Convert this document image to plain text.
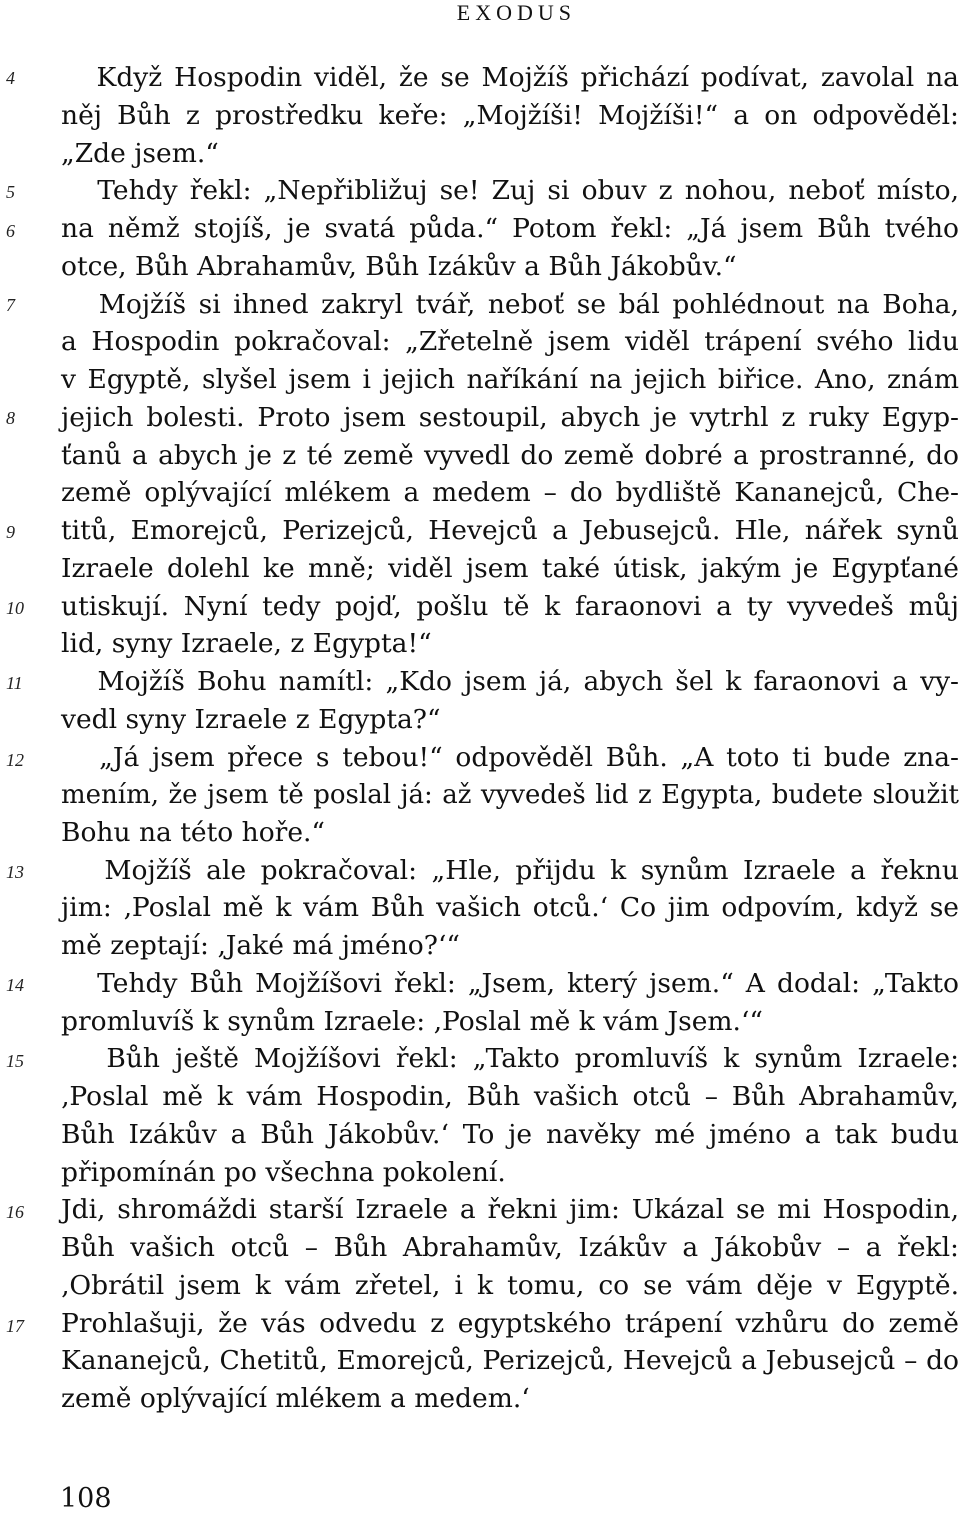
EXODUS
4
5
6
7
8
9
10
11
12
13
14
15
16
17
Když Hospodin viděl, že se Mojžíš přichází podívat, zavolal na
něj Bůh z prostředku keře: „Mojžíši! Mojžíši!“ a on odpověděl:
„Zde jsem.“
Tehdy řekl: „Nepřibližuj se! Zuj si obuv z nohou, neboť místo,
na němž stojíš, je svatá půda.“ Potom řekl: „Já jsem Bůh tvého
otce, Bůh Abrahamův, Bůh Izákův a Bůh Jákobův.“
Mojžíš si ihned zakryl tvář, neboť se bál pohlédnout na Boha,
a Hospodin pokračoval: „Zřetelně jsem viděl trápení svého lidu
v Egyptě, slyšel jsem i jejich naříkání na jejich biřice. Ano, znám
jejich bolesti. Proto jsem sestoupil, abych je vytrhl z ruky Egyp-
ťanů a abych je z té země vyvedl do země dobré a prostranné, do
země oplývající mlékem a medem – do bydliště Kananejců, Che-
titů, Emorejců, Perizejců, Hevejců a Jebusejců. Hle, nářek synů
Izraele dolehl ke mně; viděl jsem také útisk, jakým je Egypťané
utiskují. Nyní tedy pojď, pošlu tě k faraonovi a ty vyvedeš můj
lid, syny Izraele, z Egypta!“
Mojžíš Bohu namítl: „Kdo jsem já, abych šel k faraonovi a vy-
vedl syny Izraele z Egypta?“
„Já jsem přece s tebou!“ odpověděl Bůh. „A toto ti bude zna-
mením, že jsem tě poslal já: až vyvedeš lid z Egypta, budete sloužit
Bohu na této hoře.“
Mojžíš ale pokračoval: „Hle, přijdu k synům Izraele a řeknu
jim: ‚Poslal mě k vám Bůh vašich otců.‘ Co jim odpovím, když se
mě zeptají: ‚Jaké má jméno?‘“
Tehdy Bůh Mojžíšovi řekl: „Jsem, který jsem.“ A dodal: „Takto
promluvíš k synům Izraele: ‚Poslal mě k vám Jsem.‘“
Bůh ještě Mojžíšovi řekl: „Takto promluvíš k synům Izraele:
‚Poslal mě k vám Hospodin, Bůh vašich otců – Bůh Abrahamův,
Bůh Izákův a Bůh Jákobův.‘ To je navěky mé jméno a tak budu
připomínán po všechna pokolení.
Jdi, shromáždi starší Izraele a řekni jim: Ukázal se mi Hospodin,
Bůh vašich otců – Bůh Abrahamův, Izákův a Jákobův – a řekl:
‚Obrátil jsem k vám zřetel, i k tomu, co se vám děje v Egyptě.
Prohlašuji, že vás odvedu z egyptského trápení vzhůru do země
Kananejců, Chetitů, Emorejců, Perizejců, Hevejců a Jebusejců – do
země oplývající mlékem a medem.‘
108
